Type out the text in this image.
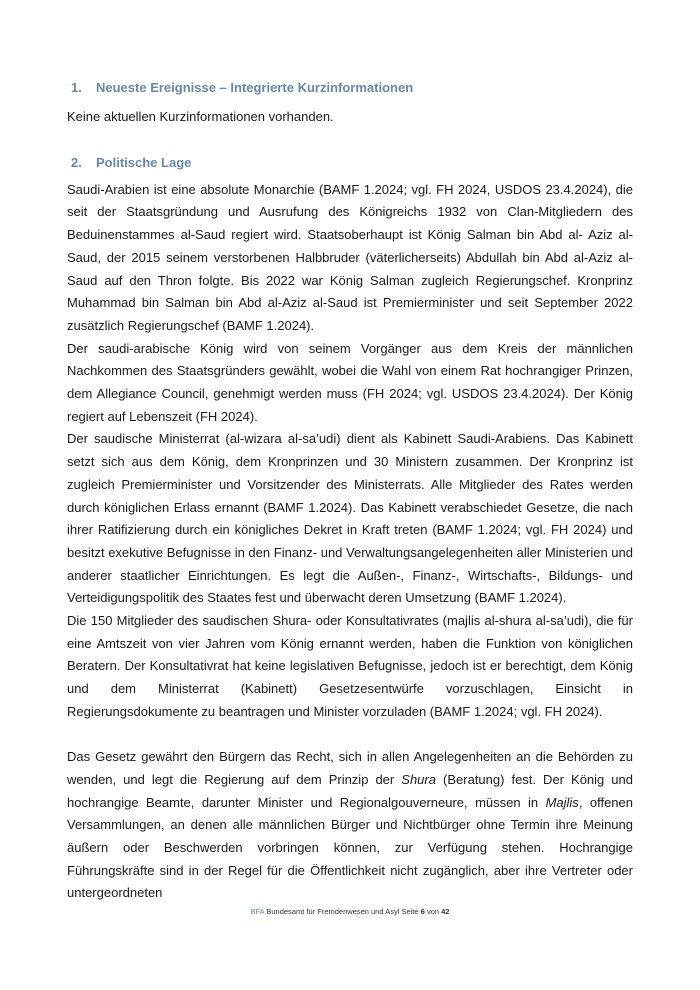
1.	Neueste Ereignisse – Integrierte Kurzinformationen
Keine aktuellen Kurzinformationen vorhanden.
2.	Politische Lage

Saudi-Arabien ist eine absolute Monarchie (BAMF 1.2024; vgl. FH 2024, USDOS 23.4.2024), die seit der Staatsgründung und Ausrufung des Königreichs 1932 von Clan-Mitgliedern des Beduinenstammes al-Saud regiert wird. Staatsoberhaupt ist König Salman bin Abd al- Aziz al-Saud, der 2015 seinem verstorbenen Halbbruder (väterlicherseits) Abdullah bin Abd al-Aziz al-Saud auf den Thron folgte. Bis 2022 war König Salman zugleich Regierungschef. Kronprinz Muhammad bin Salman bin Abd al-Aziz al-Saud ist Premierminister und seit September 2022 zusätzlich Regierungschef (BAMF 1.2024).

Der saudi-arabische König wird von seinem Vorgänger aus dem Kreis der männlichen Nachkommen des Staatsgründers gewählt, wobei die Wahl von einem Rat hochrangiger Prinzen, dem Allegiance Council, genehmigt werden muss (FH 2024; vgl. USDOS 23.4.2024). Der König regiert auf Lebenszeit (FH 2024).

Der saudische Ministerrat (al-wizara al-sa’udi) dient als Kabinett Saudi-Arabiens. Das Kabinett setzt sich aus dem König, dem Kronprinzen und 30 Ministern zusammen. Der Kronprinz ist zugleich Premierminister und Vorsitzender des Ministerrats. Alle Mitglieder des Rates werden durch königlichen Erlass ernannt (BAMF 1.2024). Das Kabinett verabschiedet Gesetze, die nach ihrer Ratifizierung durch ein königliches Dekret in Kraft treten (BAMF 1.2024; vgl. FH 2024) und besitzt exekutive Befugnisse in den Finanz- und Verwaltungsangelegenheiten aller Ministerien und anderer staatlicher Einrichtungen. Es legt die Außen-, Finanz-, Wirtschafts-, Bildungs- und Verteidigungspolitik des Staates fest und überwacht deren Umsetzung (BAMF 1.2024).

Die 150 Mitglieder des saudischen Shura- oder Konsultativrates (majlis al-shura al-sa’udi), die für eine Amtszeit von vier Jahren vom König ernannt werden, haben die Funktion von königlichen Beratern. Der Konsultativrat hat keine legislativen Befugnisse, jedoch ist er berechtigt, dem König und dem Ministerrat (Kabinett) Gesetzesentwürfe vorzuschlagen, Einsicht in Regierungsdokumente zu beantragen und Minister vorzuladen (BAMF 1.2024; vgl. FH 2024).

Das Gesetz gewährt den Bürgern das Recht, sich in allen Angelegenheiten an die Behörden zu wenden, und legt die Regierung auf dem Prinzip der Shura (Beratung) fest. Der König und hochrangige Beamte, darunter Minister und Regionalgouverneure, müssen in Majlis, offenen Versammlungen, an denen alle männlichen Bürger und Nichtbürger ohne Termin ihre Meinung äußern oder Beschwerden vorbringen können, zur Verfügung stehen. Hochrangige Führungskräfte sind in der Regel für die Öffentlichkeit nicht zugänglich, aber ihre Vertreter oder untergeordneten

BFA Bundesamt für Fremdenwesen und Asyl Seite 6 von 42
